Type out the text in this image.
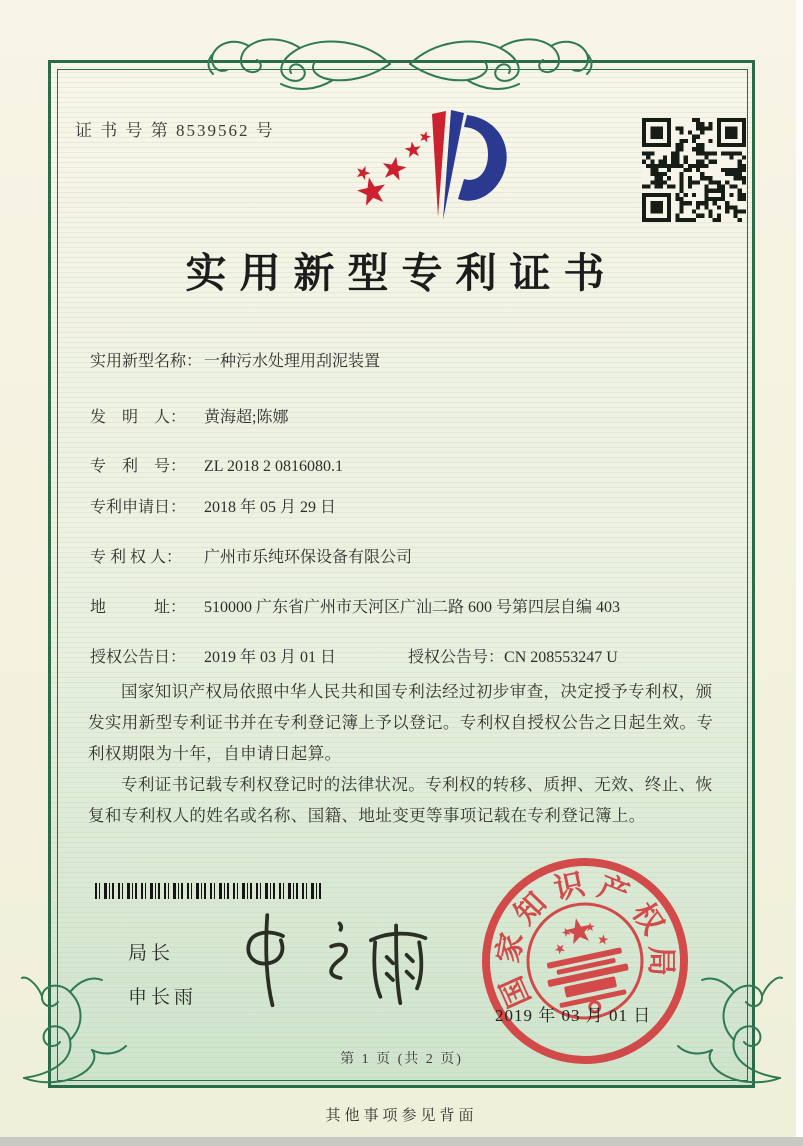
证 书 号 第 8539562 号
实用新型专利证书
实用新型名称： 一种污水处理用刮泥装置
发　明　人：	黄海超;陈娜
专　利　号：	ZL 2018 2 0816080.1
专利申请日：	2018 年 05 月 29 日
专 利 权 人：	广州市乐纯环保设备有限公司
地　　　址：	510000 广东省广州市天河区广汕二路 600 号第四层自编 403
授权公告日：	2019 年 03 月 01 日	授权公告号： CN 208553247 U

国家知识产权局依照中华人民共和国专利法经过初步审查，决定授予专利权，颁发实用新型专利证书并在专利登记簿上予以登记。专利权自授权公告之日起生效。专利权期限为十年，自申请日起算。

专利证书记载专利权登记时的法律状况。专利权的转移、质押、无效、终止、恢复和专利权人的姓名或名称、国籍、地址变更等事项记载在专利登记簿上。

局长
申长雨	国
家
知
识 产
权
局
2019 年 03 月 01 日
第 1 页 (共 2 页)
其他事项参见背面
